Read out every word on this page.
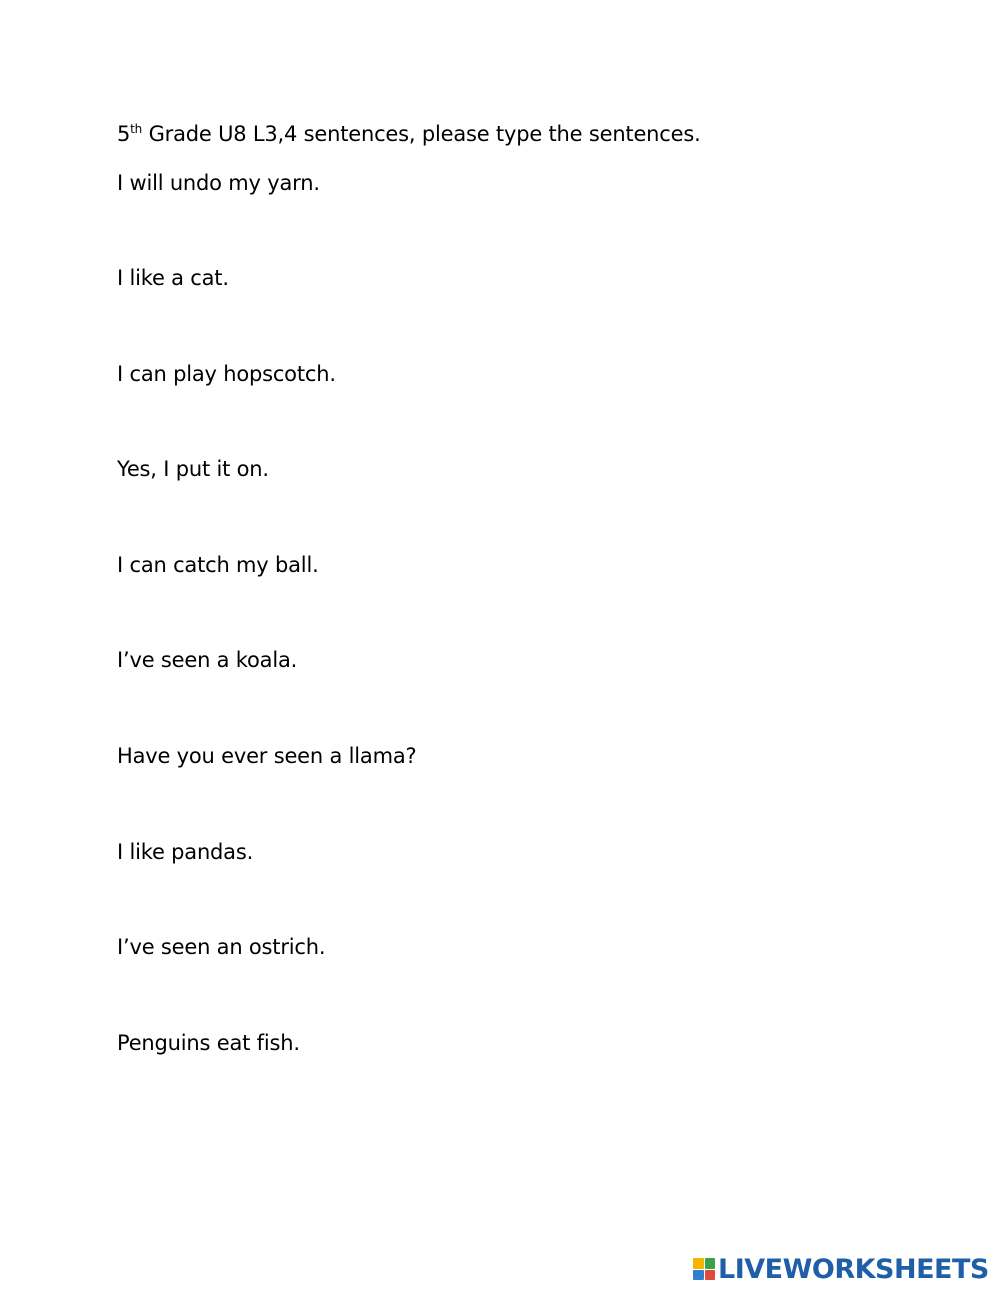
5th Grade U8 L3,4 sentences, please type the sentences.
I will undo my yarn.
I like a cat.
I can play hopscotch.
Yes, I put it on.
I can catch my ball.
I’ve seen a koala.
Have you ever seen a llama?
I like pandas.
I’ve seen an ostrich.
Penguins eat fish.
LIVEWORKSHEETS
